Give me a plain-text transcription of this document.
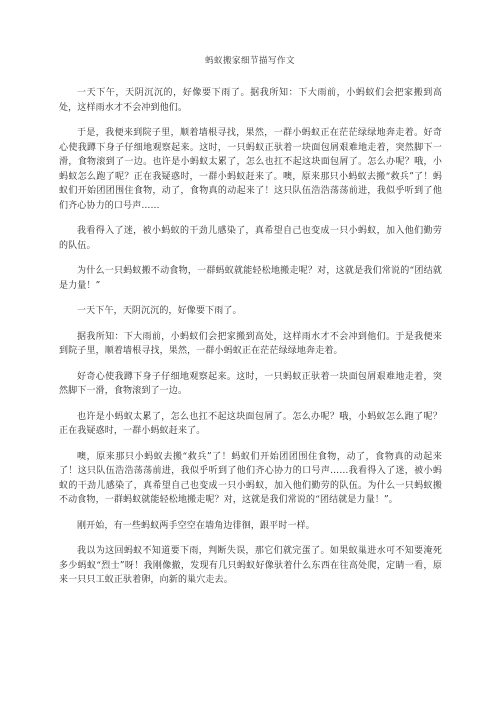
蚂蚁搬家细节描写作文

一天下午，天阴沉沉的，好像要下雨了。据我所知：下大雨前，小蚂蚁们会把家搬到高处，这样雨水才不会冲到他们。

于是，我便来到院子里，顺着墙根寻找，果然，一群小蚂蚁正在茫茫绿绿地奔走着。好奇心使我蹲下身子仔细地观察起来。这时，一只蚂蚁正驮着一块面包屑艰难地走着，突然脚下一滑，食物滚到了一边。也许是小蚂蚁太累了，怎么也扛不起这块面包屑了。怎么办呢？哦，小蚂蚁怎么跑了呢？正在我疑惑时，一群小蚂蚁赶来了。噢，原来那只小蚂蚁去搬“救兵”了！蚂蚁们开始团团围住食物，动了，食物真的动起来了！这只队伍浩浩荡荡前进，我似乎听到了他们齐心协力的口号声……

我看得入了迷，被小蚂蚁的干劲儿感染了，真希望自己也变成一只小蚂蚁，加入他们勤劳的队伍。

为什么一只蚂蚁搬不动食物，一群蚂蚁就能轻松地搬走呢？对，这就是我们常说的“团结就是力量！”

一天下午，天阴沉沉的，好像要下雨了。

据我所知：下大雨前，小蚂蚁们会把家搬到高处，这样雨水才不会冲到他们。于是我便来到院子里，顺着墙根寻找，果然，一群小蚂蚁正在茫茫绿绿地奔走着。

好奇心使我蹲下身子仔细地观察起来。这时，一只蚂蚁正驮着一块面包屑艰难地走着，突然脚下一滑，食物滚到了一边。

也许是小蚂蚁太累了，怎么也扛不起这块面包屑了。怎么办呢？哦，小蚂蚁怎么跑了呢？正在我疑惑时，一群小蚂蚁赶来了。

噢，原来那只小蚂蚁去搬“救兵”了！蚂蚁们开始团团围住食物，动了，食物真的动起来了！这只队伍浩浩荡荡前进，我似乎听到了他们齐心协力的口号声……我看得入了迷，被小蚂蚁的干劲儿感染了，真希望自己也变成一只小蚂蚁，加入他们勤劳的队伍。为什么一只蚂蚁搬不动食物，一群蚂蚁就能轻松地搬走呢？对，这就是我们常说的“团结就是力量！”。

刚开始，有一些蚂蚁两手空空在墙角边徘徊，跟平时一样。

我以为这回蚂蚁不知道要下雨，判断失误，那它们就完蛋了。如果蚁巢进水可不知要淹死多少蚂蚁“烈士”呀！我刚像撤，发现有几只蚂蚁好像驮着什么东西在往高处爬，定睛一看，原来一只只工蚁正驮着卵，向新的巢穴走去。
